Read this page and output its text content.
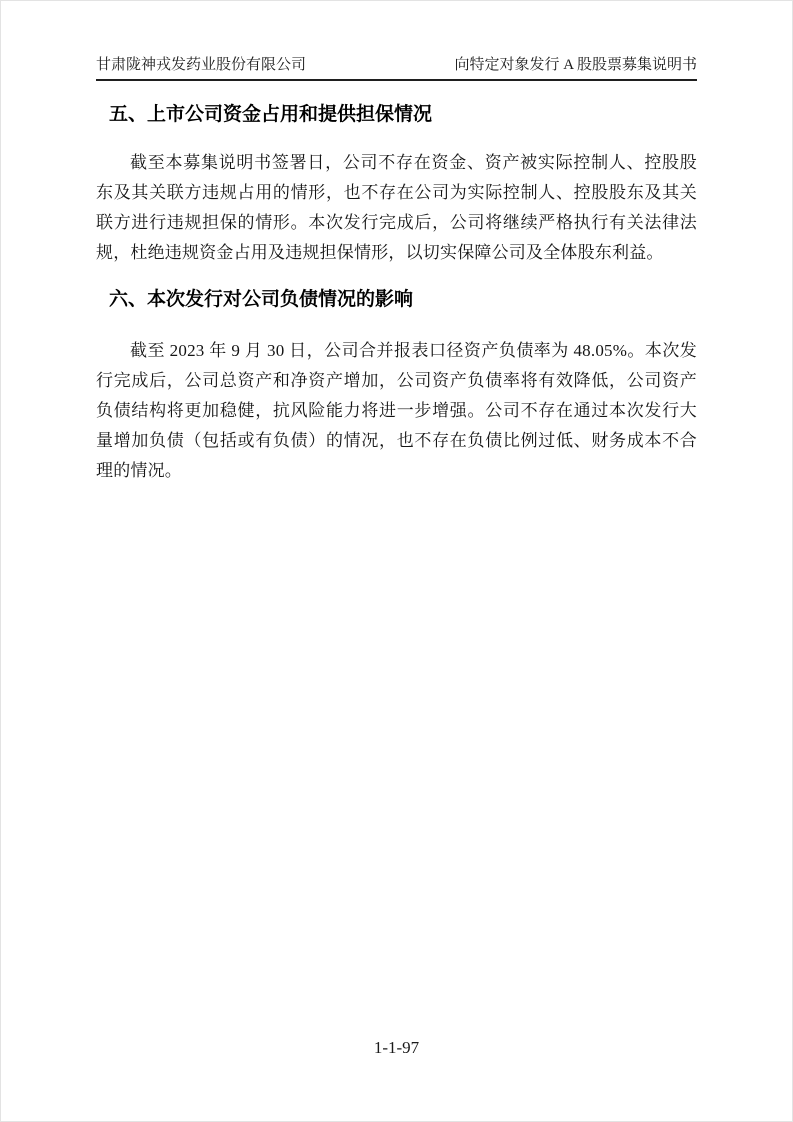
甘肃陇神戎发药业股份有限公司	向特定对象发行 A 股股票募集说明书
五、上市公司资金占用和提供担保情况

截至本募集说明书签署日，公司不存在资金、资产被实际控制人、控股股东及其关联方违规占用的情形，也不存在公司为实际控制人、控股股东及其关联方进行违规担保的情形。本次发行完成后，公司将继续严格执行有关法律法规，杜绝违规资金占用及违规担保情形，以切实保障公司及全体股东利益。

六、本次发行对公司负债情况的影响

截至 2023 年 9 月 30 日，公司合并报表口径资产负债率为 48.05%。本次发行完成后，公司总资产和净资产增加，公司资产负债率将有效降低，公司资产负债结构将更加稳健，抗风险能力将进一步增强。公司不存在通过本次发行大量增加负债（包括或有负债）的情况，也不存在负债比例过低、财务成本不合理的情况。

1-1-97
